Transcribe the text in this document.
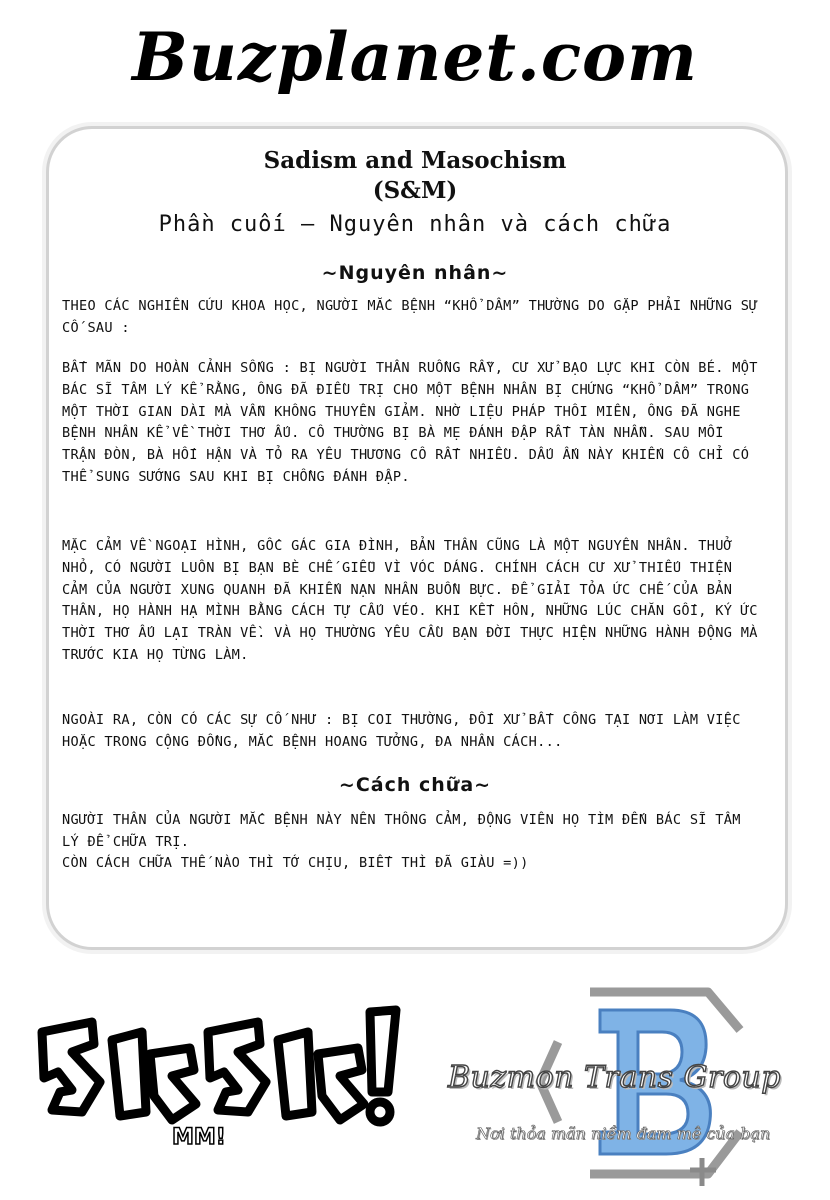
Buzplanet.com
Sadism and Masochism
(S&M)
Phần cuối – Nguyên nhân và cách chữa
~Nguyên nhân~

THEO CÁC NGHIÊN CỨU KHOA HỌC, NGƯỜI MẮC BỆNH “KHỔ DÂM” THƯỜNG DO GẶP PHẢI NHỮNG SỰ CỐ SAU :

BẤT MÃN DO HOÀN CẢNH SỐNG : BỊ NGƯỜI THÂN RUỒNG RẪY, CƯ XỬ BẠO LỰC KHI CÒN BÉ. MỘT BÁC SĨ TÂM LÝ KỂ RẰNG, ÔNG ĐÃ ĐIỀU TRỊ CHO MỘT BỆNH NHÂN BỊ CHỨNG “KHỔ DÂM” TRONG MỘT THỜI GIAN DÀI MÀ VẪN KHÔNG THUYÊN GIẢM. NHỜ LIỆU PHÁP THÔI MIÊN, ÔNG ĐÃ NGHE BỆNH NHÂN KỂ VỀ THỜI THƠ ẤU. CÔ THƯỜNG BỊ BÀ MẸ ĐÁNH ĐẬP RẤT TÀN NHẪN. SAU MỖI TRẬN ĐÒN, BÀ HỐI HẬN VÀ TỎ RA YÊU THƯƠNG CÔ RẤT NHIỀU. DẤU ẤN NÀY KHIẾN CÔ CHỈ CÓ THỂ SUNG SƯỚNG SAU KHI BỊ CHỒNG ĐÁNH ĐẬP.

MẶC CẢM VỀ NGOẠI HÌNH, GỐC GÁC GIA ĐÌNH, BẢN THÂN CŨNG LÀ MỘT NGUYÊN NHÂN. THUỞ NHỎ, CÓ NGƯỜI LUÔN BỊ BẠN BÈ CHẾ GIỄU VÌ VÓC DÁNG. CHÍNH CÁCH CƯ XỬ THIẾU THIỆN CẢM CỦA NGƯỜI XUNG QUANH ĐÃ KHIẾN NẠN NHÂN BUỒN BỰC. ĐỂ GIẢI TỎA ỨC CHẾ CỦA BẢN THÂN, HỌ HÀNH HẠ MÌNH BẰNG CÁCH TỰ CẤU VÉO. KHI KẾT HÔN, NHỮNG LÚC CHĂN GỐI, KÝ ỨC THỜI THƠ ẤU LẠI TRÀN VỀ. VÀ HỌ THƯỜNG YÊU CẦU BẠN ĐỜI THỰC HIỆN NHỮNG HÀNH ĐỘNG MÀ TRƯỚC KIA HỌ TỪNG LÀM.

NGOÀI RA, CÒN CÓ CÁC SỰ CỐ NHƯ : BỊ COI THƯỜNG, ĐỐI XỬ BẤT CÔNG TẠI NƠI LÀM VIỆC HOẶC TRONG CỘNG ĐỒNG, MẮC BỆNH HOANG TƯỞNG, ĐA NHÂN CÁCH...

~Cách chữa~

NGƯỜI THÂN CỦA NGƯỜI MẮC BỆNH NÀY NÊN THÔNG CẢM, ĐỘNG VIÊN HỌ TÌM ĐẾN BÁC SĨ TÂM LÝ ĐỂ CHỮA TRỊ.

CÒN CÁCH CHỮA THẾ NÀO THÌ TỚ CHỊU, BIẾT THÌ ĐÃ GIÀU =))

MM!
Buzmon Trans Group
Nơi thỏa mãn niềm đam mê của bạn
